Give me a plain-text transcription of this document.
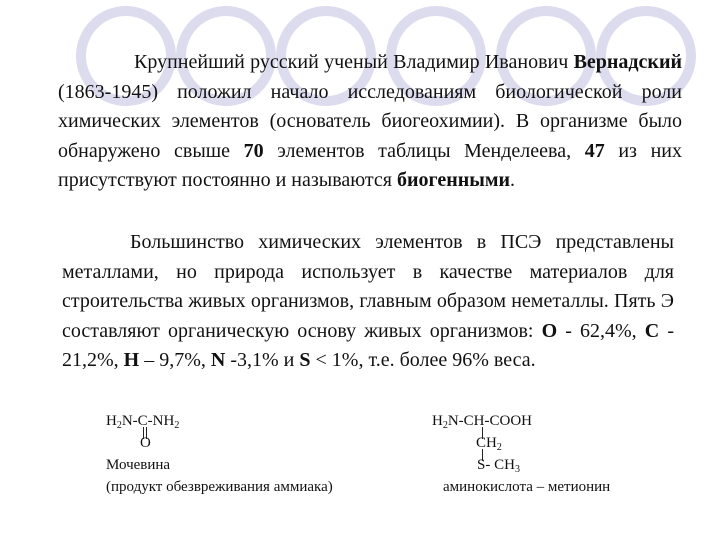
Крупнейший русский ученый Владимир Иванович Вернадский (1863-1945) положил начало исследованиям биологической роли химических элементов (основатель биогеохимии). В организме было обнаружено свыше 70 элементов таблицы Менделеева, 47 из них присутствуют постоянно и называются биогенными.

Большинство химических элементов в ПСЭ представлены металлами, но природа использует в качестве материалов для строительства живых организмов, главным образом неметаллы. Пять Э составляют органическую основу живых организмов: О - 62,4%, С - 21,2%, Н – 9,7%, N -3,1% и S < 1%, т.е. более 96% веса.

$H_2N-C-NH_2$
O
Мочевина
(продукт обезвреживания аммиака)
$H_2N-CH$-COOH
$CH_2$
S- $CH_3$
аминокислота – метионин
